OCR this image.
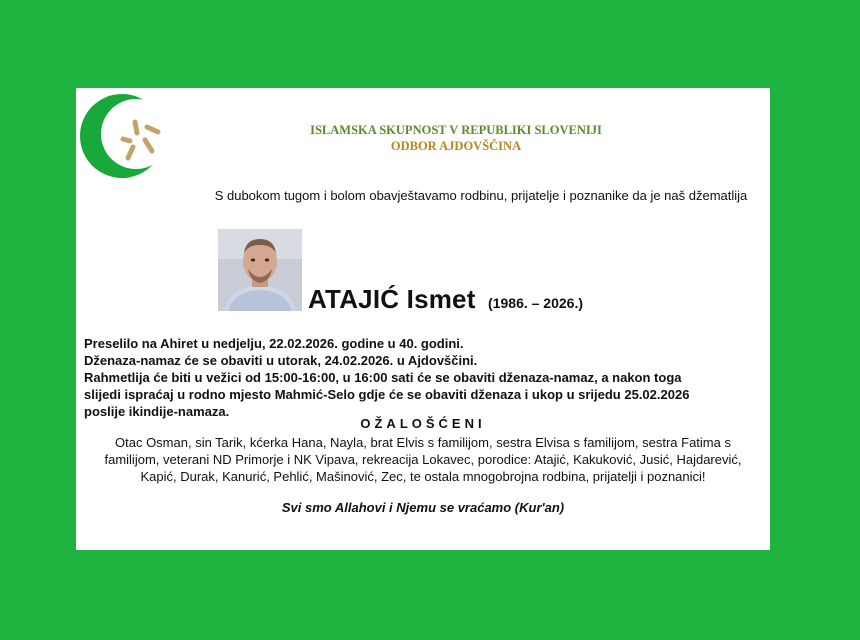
ISLAMSKA SKUPNOST V REPUBLIKI SLOVENIJI
ODBOR AJDOVŠČINA
S dubokom tugom i bolom obavještavamo rodbinu, prijatelje i poznanike da je naš džematlija
ATAJIĆ Ismet (1986. – 2026.)
Preselilo na Ahiret u nedjelju, 22.02.2026. godine u 40. godini.
Dženaza-namaz će se obaviti u utorak, 24.02.2026. u Ajdovščini.
Rahmetlija će biti u vežici od 15:00-16:00, u 16:00 sati će se obaviti dženaza-namaz, a nakon toga
slijedi ispraćaj u rodno mjesto Mahmić-Selo gdje će se obaviti dženaza i ukop u srijedu 25.02.2026
poslije ikindije-namaza.
OŽALOŠĆENI
Otac Osman, sin Tarik, kćerka Hana, Nayla, brat Elvis s familijom, sestra Elvisa s familijom, sestra Fatima s familijom, veterani ND Primorje i NK Vipava, rekreacija Lokavec, porodice: Atajić, Kakuković, Jusić, Hajdarević, Kapić, Durak, Kanurić, Pehlić, Mašinović, Zec, te ostala mnogobrojna rodbina, prijatelji i poznanici!
Svi smo Allahovi i Njemu se vraćamo (Kur'an)
